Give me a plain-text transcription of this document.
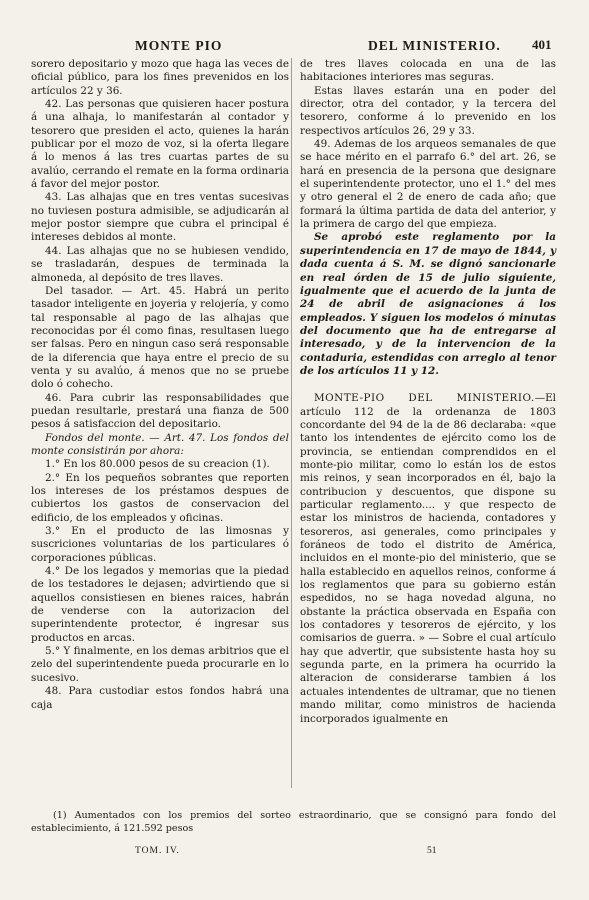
MONTE PIO	DEL MINISTERIO. 401

sorero depositario y mozo que haga las veces de oficial público, para los fines prevenidos en los artículos 22 y 36.

42. Las personas que quisieren hacer postura á una alhaja, lo manifestarán al contador y tesorero que presiden el acto, quienes la harán publicar por el mozo de voz, si la oferta llegare á lo menos á las tres cuartas partes de su avalúo, cerrando el remate en la forma ordinaria á favor del mejor postor.

43. Las alhajas que en tres ventas sucesivas no tuviesen postura admisible, se adjudicarán al mejor postor siempre que cubra el principal é intereses debidos al monte.

44. Las alhajas que no se hubiesen vendido, se trasladarán, despues de terminada la almoneda, al depósito de tres llaves.

Del tasador. — Art. 45. Habrá un perito tasador inteligente en joyeria y relojería, y como tal responsable al pago de las alhajas que reconocidas por él como finas, resultasen luego ser falsas. Pero en ningun caso será responsable de la diferencia que haya entre el precio de su venta y su avalúo, á menos que no se pruebe dolo ó cohecho.

46. Para cubrir las responsabilidades que puedan resultarle, prestará una fianza de 500 pesos á satisfaccion del depositario.

Fondos del monte. — Art. 47. Los fondos del monte consistirán por ahora:

1.° En los 80.000 pesos de su creacion (1).

2.° En los pequeños sobrantes que reporten los intereses de los préstamos despues de cubiertos los gastos de conservacion del edificio, de los empleados y oficinas.

3.° En el producto de las limosnas y suscriciones voluntarias de los particulares ó corporaciones públicas.

4.° De los legados y memorias que la piedad de los testadores le dejasen; advirtiendo que si aquellos consistiesen en bienes raices, habrán de venderse con la autorizacion del superintendente protector, é ingresar sus productos en arcas.

5.° Y finalmente, en los demas arbitrios que el zelo del superintendente pueda procurarle en lo sucesivo.

48. Para custodiar estos fondos habrá una caja

de tres llaves colocada en una de las habitaciones interiores mas seguras.

Estas llaves estarán una en poder del director, otra del contador, y la tercera del tesorero, conforme á lo prevenido en los respectivos artículos 26, 29 y 33.

49. Ademas de los arqueos semanales de que se hace mérito en el parrafo 6.° del art. 26, se hará en presencia de la persona que designare el superintendente protector, uno el 1.° del mes y otro general el 2 de enero de cada año; que formará la última partida de data del anterior, y la primera de cargo del que empieza.

Se aprobó este reglamento por la superintendencia en 17 de mayo de 1844, y dada cuenta á S. M. se dignó sancionarle en real órden de 15 de julio siguiente, igualmente que el acuerdo de la junta de 24 de abril de asignaciones á los empleados. Y siguen los modelos ó minutas del documento que ha de entregarse al interesado, y de la intervencion de la contaduria, estendidas con arreglo al tenor de los artículos 11 y 12.

MONTE-PIO DEL MINISTERIO.—El artículo 112 de la ordenanza de 1803 concordante del 94 de la de 86 declaraba: «que tanto los intendentes de ejército como los de provincia, se entiendan comprendidos en el monte-pio militar, como lo están los de estos mis reinos, y sean incorporados en él, bajo la contribucion y descuentos, que dispone su particular reglamento.... y que respecto de estar los ministros de hacienda, contadores y tesoreros, asi generales, como principales y foráneos de todo el distrito de América, incluidos en el monte-pio del ministerio, que se halla establecido en aquellos reinos, conforme á los reglamentos que para su gobierno están espedidos, no se haga novedad alguna, no obstante la práctica observada en España con los contadores y tesoreros de ejército, y los comisarios de guerra. » — Sobre el cual artículo hay que advertir, que subsistente hasta hoy su segunda parte, en la primera ha ocurrido la alteracion de considerarse tambien á los actuales intendentes de ultramar, que no tienen mando militar, como ministros de hacienda incorporados igualmente en

(1) Aumentados con los premios del sorteo estraordinario, que se consignó para fondo del establecimiento, á 121.592 pesos

TOM. IV.	51
